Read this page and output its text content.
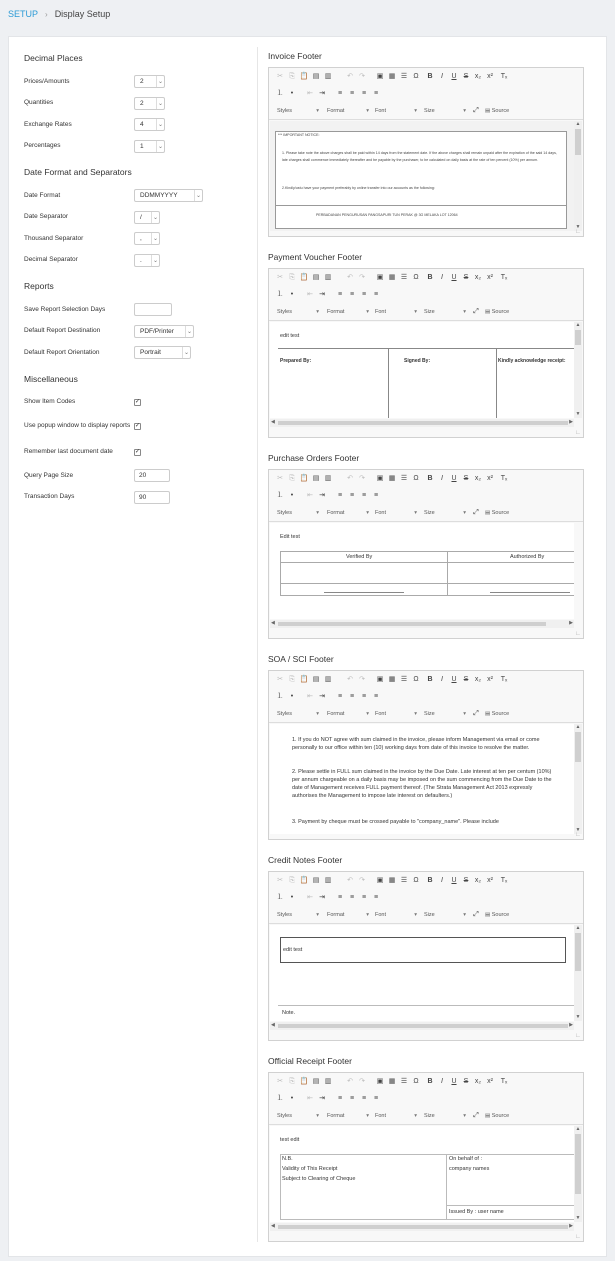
SETUP › Display Setup
Decimal Places
Prices/Amounts	2	⌄
Quantities	2	⌄
Exchange Rates	4	⌄
Percentages	1	⌄
Date Format and Separators
Date Format	DDMMYYYY	⌄
Date Separator	/	⌄
Thousand Separator	,	⌄
Decimal Separator	.	⌄
Reports
Save Report Selection Days
Default Report Destination	PDF/Printer	⌄
Default Report Orientation	Portrait	⌄
Miscellaneous
Show Item Codes	✓
Use popup window to display reports ✓
Remember last document date	✓
Query Page Size	20
Transaction Days	90
Invoice Footer
✂ ⎘ 📋 ▤ ▥ ↶ ↷ ▣ ▦ ☰ Ω	B	I	U	S x₂ x² Tₓ
⒈	•	⇤ ⇥	≡	≡	≡	≡
Styles	▾ Format	▾ Font	▾ Size	▾	⤢	▤ Source
*** IMPORTANT NOTICE:
1. Please take note the above charges shall be paid within 14 days from the statement date. If the above charges shall remain unpaid after the expiration of the said 14 days, late charges shall commence immediately thereafter and be payable by the purchaser, to be calculated on daily basis at the rate of ten percent (10%) per annum.
2.Kindly/ustu have your payment preferably by online transfer into our accounts as the following:
PERBADANAN PENGURUSAN PANGSAPURI TUN PERAK @ 3G MELAKA LOT 12064
▲
▼
∟
Payment Voucher Footer
✂ ⎘ 📋 ▤ ▥ ↶ ↷ ▣ ▦ ☰ Ω	B	I	U	S x₂ x² Tₓ
⒈	•	⇤ ⇥	≡	≡	≡	≡
Styles	▾ Format	▾ Font	▾ Size	▾	⤢	▤ Source
edit test
Prepared By:	Signed By:	Kindly acknowledge receipt:
▲
▼
◀	▶
∟
Purchase Orders Footer
✂ ⎘ 📋 ▤ ▥ ↶ ↷ ▣ ▦ ☰ Ω	B	I	U	S x₂ x² Tₓ
⒈	•	⇤ ⇥	≡	≡	≡	≡
Styles	▾ Format	▾ Font	▾ Size	▾	⤢	▤ Source
Edit test
Verified By	Authorized By
◀	▶
∟
SOA / SCI Footer
✂ ⎘ 📋 ▤ ▥ ↶ ↷ ▣ ▦ ☰ Ω	B	I	U	S x₂ x² Tₓ
⒈	•	⇤ ⇥	≡	≡	≡	≡
Styles	▾ Format	▾ Font	▾ Size	▾	⤢	▤ Source
1. If you do NOT agree with sum claimed in the invoice, please inform Management via email or come personally to our office within ten (10) working days from date of this invoice to resolve the matter.
2. Please settle in FULL sum claimed in the invoice by the Due Date. Late interest at ten per centum (10%) per annum chargeable on a daily basis may be imposed on the sum commencing from the Due Date to the date of Management receives FULL payment thereof. (The Strata Management Act 2013 expressly authorises the Management to impose late interest on defaulters.)
3. Payment by cheque must be crossed payable to "company_name". Please include
▲
▼
∟
Credit Notes Footer
✂ ⎘ 📋 ▤ ▥ ↶ ↷ ▣ ▦ ☰ Ω	B	I	U	S x₂ x² Tₓ
⒈	•	⇤ ⇥	≡	≡	≡	≡
Styles	▾ Format	▾ Font	▾ Size	▾	⤢	▤ Source
edit test
Note.
▲
▼
◀	▶
∟
Official Receipt Footer
✂ ⎘ 📋 ▤ ▥ ↶ ↷ ▣ ▦ ☰ Ω	B	I	U	S x₂ x² Tₓ
⒈	•	⇤ ⇥	≡	≡	≡	≡
Styles	▾ Format	▾ Font	▾ Size	▾	⤢	▤ Source
test edit
N.B.
Validity of This Receipt
Subject to Clearing of Cheque
On behalf of :
company names
Issued By : user name
▲
▼
◀	▶
∟
